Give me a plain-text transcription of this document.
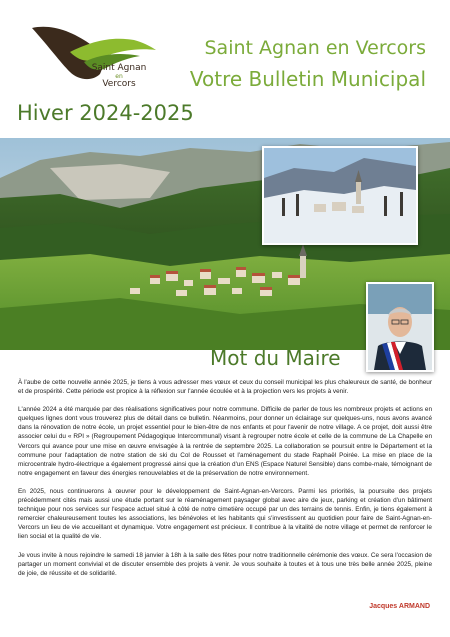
Saint Agnan
en
Vercors
Saint Agnan en Vercors
Votre Bulletin Municipal
Hiver 2024-2025
Mot du Maire

À l'aube de cette nouvelle année 2025, je tiens à vous adresser mes vœux et ceux du conseil municipal les plus chaleureux de santé, de bonheur et de prospérité. Cette période est propice à la réflexion sur l'année écoulée et à la projection vers les projets à venir.

L'année 2024 a été marquée par des réalisations significatives pour notre commune. Difficile de parler de tous les nombreux projets et actions en quelques lignes dont vous trouverez plus de détail dans ce bulletin. Néanmoins, pour donner un éclairage sur quelques-uns, nous avons avancé dans la rénovation de notre école, un projet essentiel pour le bien-être de nos enfants et pour l'avenir de notre village. A ce projet, doit aussi être associer celui du « RPI » (Regroupement Pédagogique Intercommunal) visant à regrouper notre école et celle de la commune de La Chapelle en Vercors qui avance pour une mise en œuvre envisagée à la rentrée de septembre 2025. La collaboration se poursuit entre le Département et la commune pour l'adaptation de notre station de ski du Col de Rousset et l'aménagement du stade Raphaël Poirée. La mise en place de la microcentrale hydro-électrique a également progressé ainsi que la création d'un ENS (Espace Naturel Sensible) dans combe-male, témoignant de notre engagement en faveur des énergies renouvelables et de la préservation de notre environnement.

En 2025, nous continuerons à œuvrer pour le développement de Saint-Agnan-en-Vercors. Parmi les priorités, la poursuite des projets précédemment cités mais aussi une étude portant sur le réaménagement paysager global avec aire de jeux, parking et création d'un bâtiment technique pour nos services sur l'espace actuel situé à côté de notre cimetière occupé par un des terrains de tennis. Enfin, je tiens également à remercier chaleureusement toutes les associations, les bénévoles et les habitants qui s'investissent au quotidien pour faire de Saint-Agnan-en-Vercors un lieu de vie accueillant et dynamique. Votre engagement est précieux. Il contribue à la vitalité de notre village et permet de renforcer le lien social et la qualité de vie.

Je vous invite à nous rejoindre le samedi 18 janvier à 18h à la salle des fêtes pour notre traditionnelle cérémonie des vœux. Ce sera l'occasion de partager un moment convivial et de discuter ensemble des projets à venir. Je vous souhaite à toutes et à tous une très belle année 2025, pleine de joie, de réussite et de solidarité.

Jacques ARMAND
